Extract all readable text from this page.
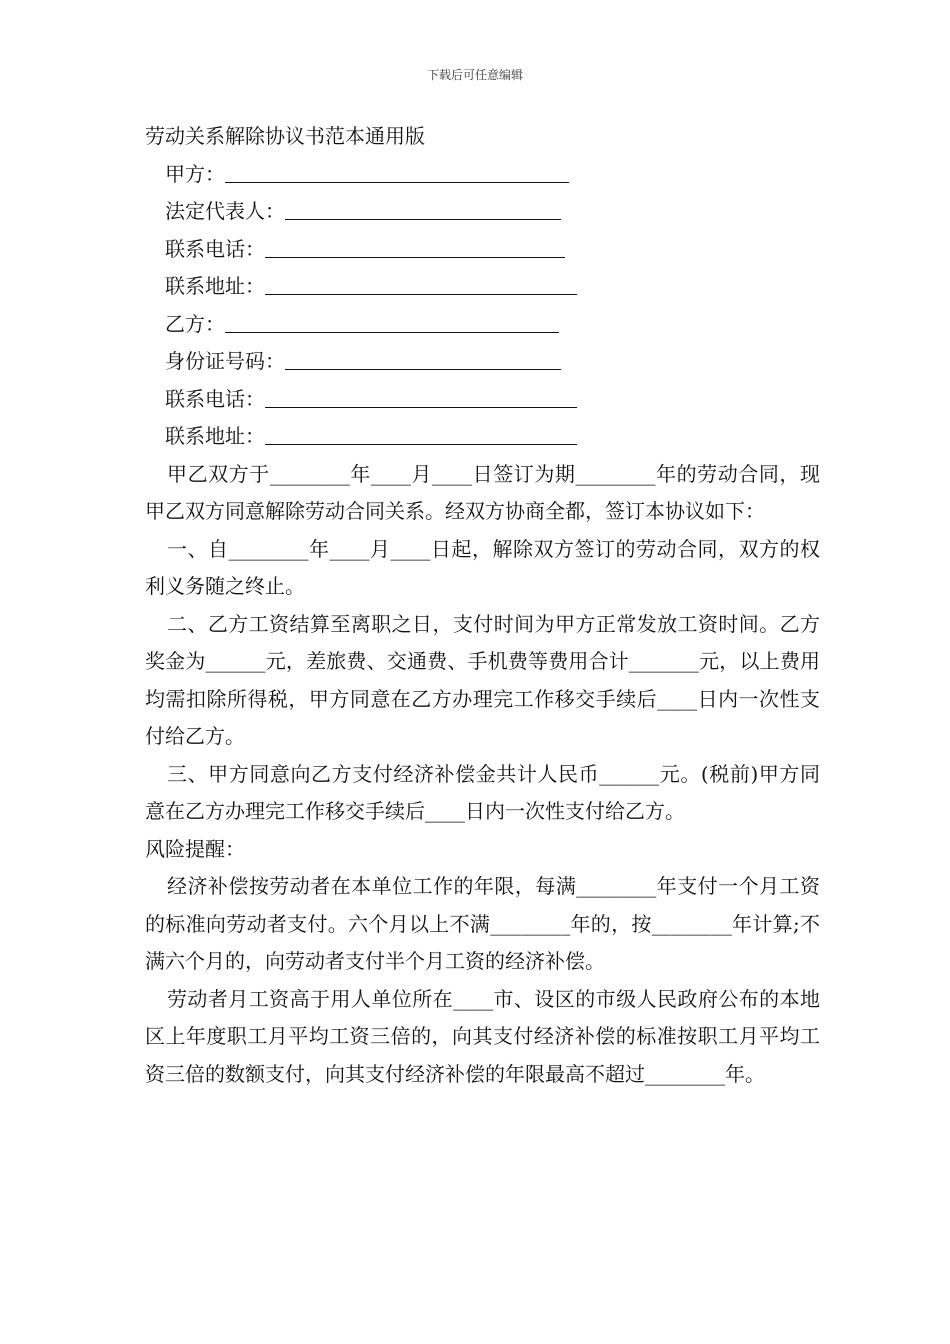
下载后可任意编辑
劳动关系解除协议书范本通用版
甲方：
法定代表人：
联系电话：
联系地址：
乙方：
身份证号码：
联系电话：
联系地址：

甲乙双方于________年____月____日签订为期________年的劳动合同，现甲乙双方同意解除劳动合同关系。经双方协商全都，签订本协议如下：

一、自________年____月____日起，解除双方签订的劳动合同，双方的权利义务随之终止。

二、乙方工资结算至离职之日，支付时间为甲方正常发放工资时间。乙方奖金为______元，差旅费、交通费、手机费等费用合计_______元，以上费用均需扣除所得税，甲方同意在乙方办理完工作移交手续后____日内一次性支付给乙方。

三、甲方同意向乙方支付经济补偿金共计人民币______元。(税前)甲方同意在乙方办理完工作移交手续后____日内一次性支付给乙方。

风险提醒：

经济补偿按劳动者在本单位工作的年限，每满________年支付一个月工资的标准向劳动者支付。六个月以上不满________年的，按________年计算;不满六个月的，向劳动者支付半个月工资的经济补偿。

劳动者月工资高于用人单位所在____市、设区的市级人民政府公布的本地区上年度职工月平均工资三倍的，向其支付经济补偿的标准按职工月平均工资三倍的数额支付，向其支付经济补偿的年限最高不超过________年。
